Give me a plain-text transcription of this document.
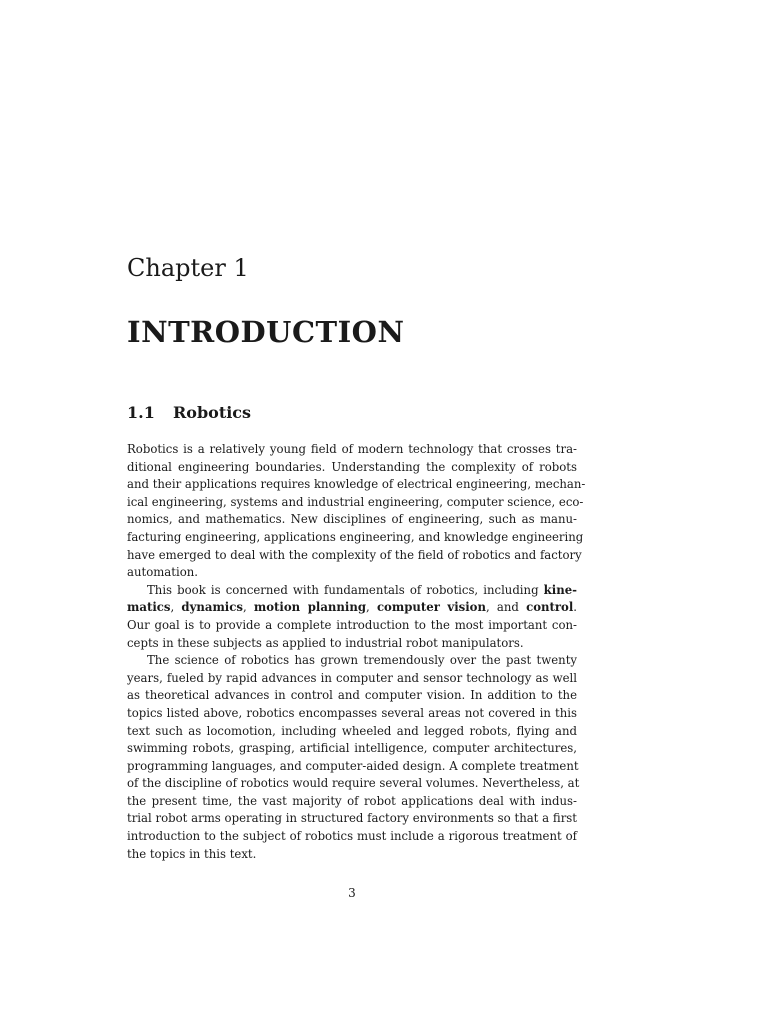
Chapter 1
INTRODUCTION
1.1 Robotics
Robotics is a relatively young field of modern technology that crosses tra-
ditional engineering boundaries. Understanding the complexity of robots
and their applications requires knowledge of electrical engineering, mechan-
ical engineering, systems and industrial engineering, computer science, eco-
nomics, and mathematics. New disciplines of engineering, such as manu-
facturing engineering, applications engineering, and knowledge engineering
have emerged to deal with the complexity of the field of robotics and factory
automation.
This book is concerned with fundamentals of robotics, including kine-
matics, dynamics, motion planning, computer vision, and control.
Our goal is to provide a complete introduction to the most important con-
cepts in these subjects as applied to industrial robot manipulators.
The science of robotics has grown tremendously over the past twenty
years, fueled by rapid advances in computer and sensor technology as well
as theoretical advances in control and computer vision. In addition to the
topics listed above, robotics encompasses several areas not covered in this
text such as locomotion, including wheeled and legged robots, flying and
swimming robots, grasping, artificial intelligence, computer architectures,
programming languages, and computer-aided design. A complete treatment
of the discipline of robotics would require several volumes. Nevertheless, at
the present time, the vast majority of robot applications deal with indus-
trial robot arms operating in structured factory environments so that a first
introduction to the subject of robotics must include a rigorous treatment of
the topics in this text.
3
